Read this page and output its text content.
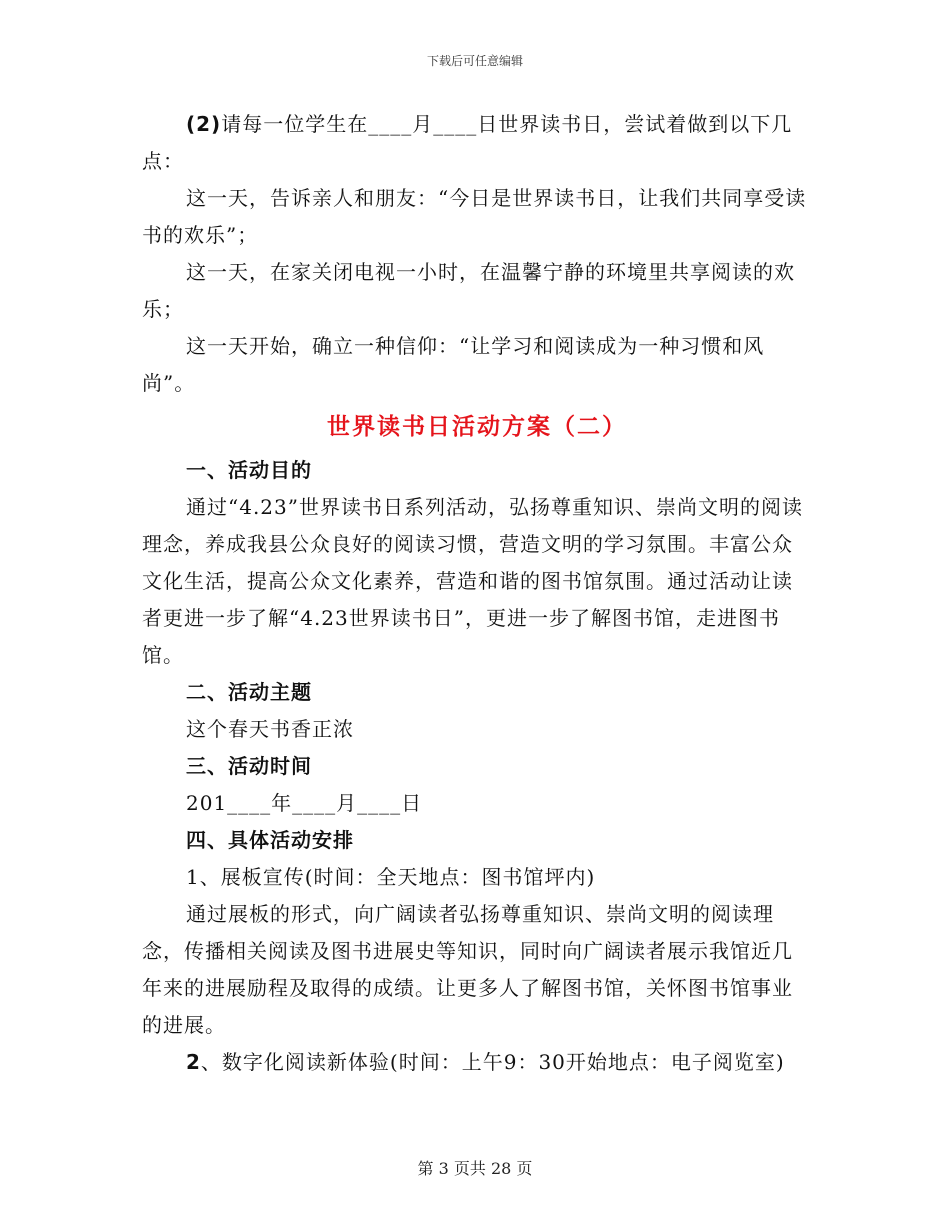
下载后可任意编辑

(2)请每一位学生在____月____日世界读书日，尝试着做到以下几点：

这一天，告诉亲人和朋友：“今日是世界读书日，让我们共同享受读书的欢乐”；

这一天，在家关闭电视一小时，在温馨宁静的环境里共享阅读的欢乐；

这一天开始，确立一种信仰：“让学习和阅读成为一种习惯和风尚”。

世界读书日活动方案（二）

一、活动目的

通过“4.23”世界读书日系列活动，弘扬尊重知识、崇尚文明的阅读理念，养成我县公众良好的阅读习惯，营造文明的学习氛围。丰富公众文化生活，提高公众文化素养，营造和谐的图书馆氛围。通过活动让读者更进一步了解“4.23世界读书日”，更进一步了解图书馆，走进图书馆。

二、活动主题

这个春天书香正浓

三、活动时间

201____年____月____日

四、具体活动安排

1、展板宣传(时间：全天地点：图书馆坪内)

通过展板的形式，向广阔读者弘扬尊重知识、崇尚文明的阅读理念，传播相关阅读及图书进展史等知识，同时向广阔读者展示我馆近几年来的进展励程及取得的成绩。让更多人了解图书馆，关怀图书馆事业的进展。

2、数字化阅读新体验(时间：上午9：30开始地点：电子阅览室)

第 3 页共 28 页
